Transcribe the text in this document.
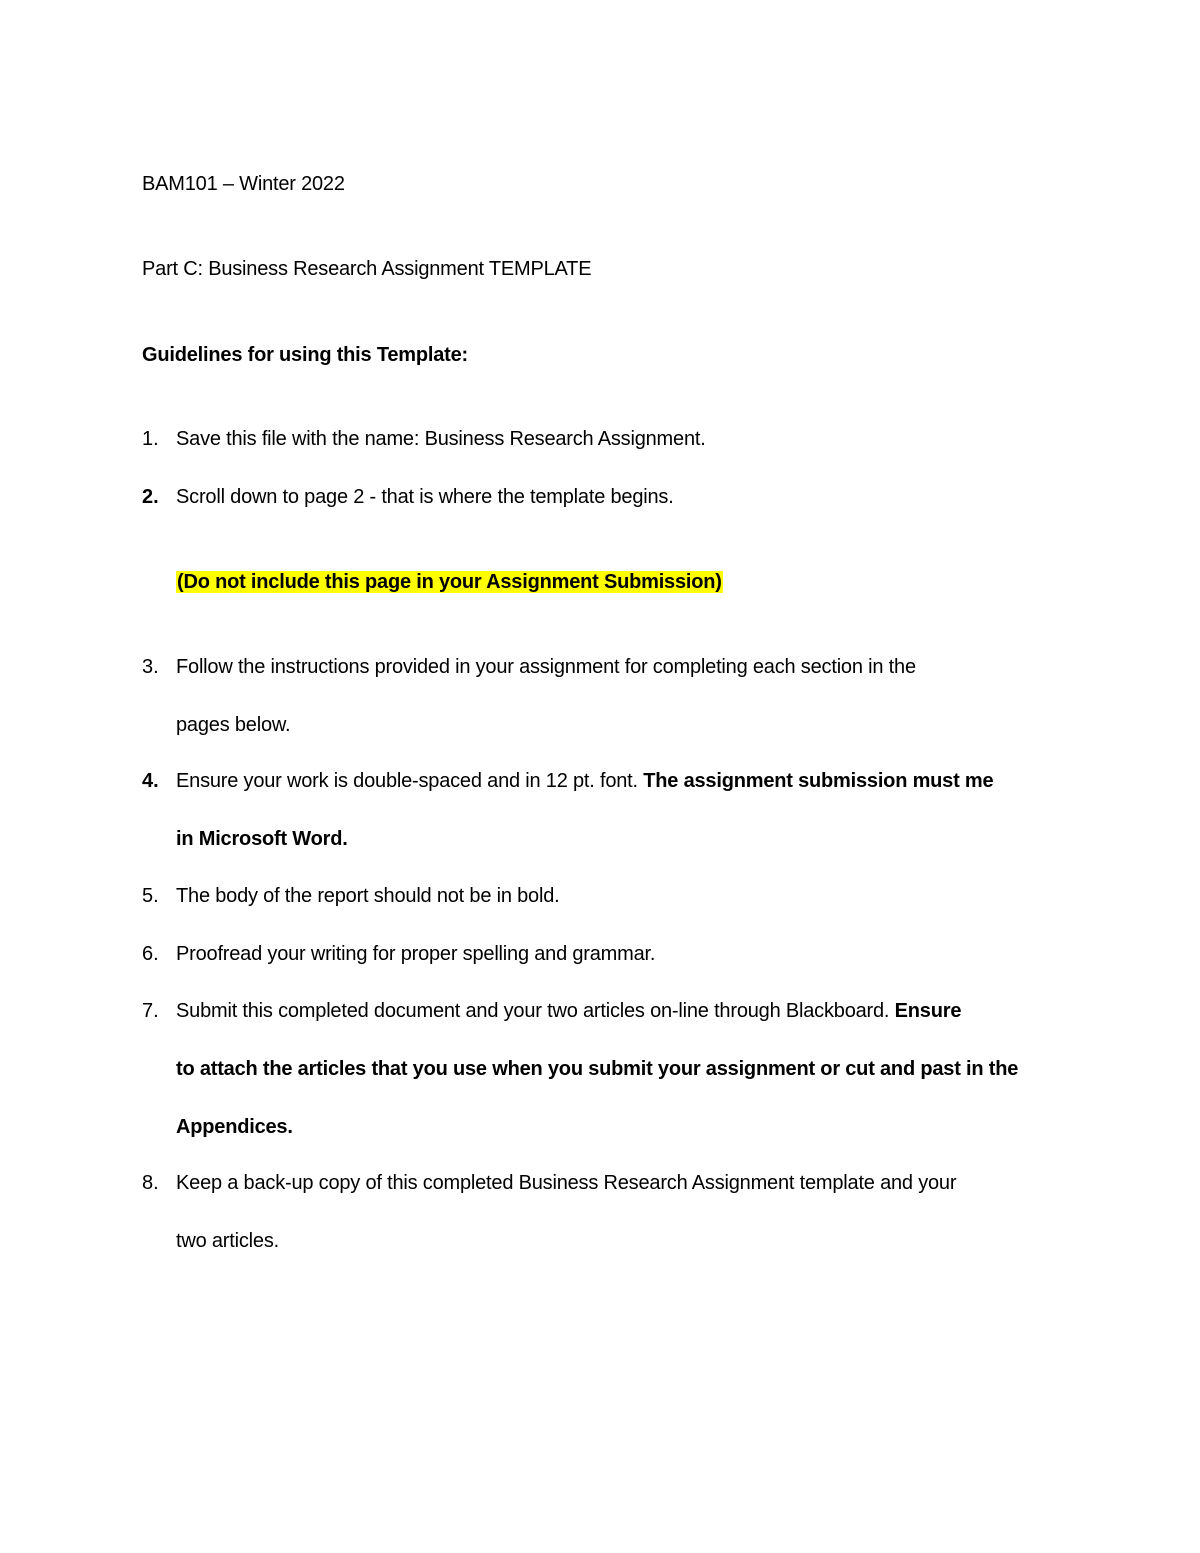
BAM101 – Winter 2022
Part C: Business Research Assignment TEMPLATE
Guidelines for using this Template:
1. Save this file with the name: Business Research Assignment.
2. Scroll down to page 2 - that is where the template begins.
(Do not include this page in your Assignment Submission)
3. Follow the instructions provided in your assignment for completing each section in the
pages below.
4. Ensure your work is double-spaced and in 12 pt. font. The assignment submission must me
in Microsoft Word.
5. The body of the report should not be in bold.
6. Proofread your writing for proper spelling and grammar.
7. Submit this completed document and your two articles on-line through Blackboard. Ensure
to attach the articles that you use when you submit your assignment or cut and past in the
Appendices.
8. Keep a back-up copy of this completed Business Research Assignment template and your
two articles.
